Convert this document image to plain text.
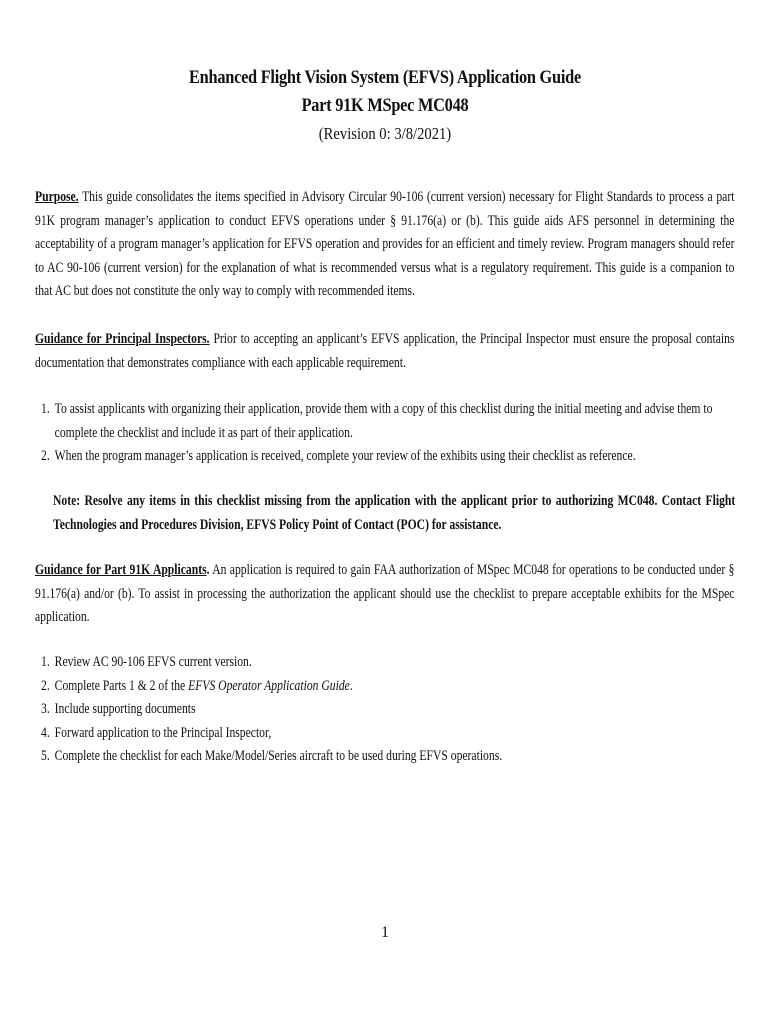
Enhanced Flight Vision System (EFVS) Application Guide
Part 91K MSpec MC048
(Revision 0: 3/8/2021)
Purpose. This guide consolidates the items specified in Advisory Circular 90-106 (current version) necessary for Flight Standards to process a part 91K program manager’s application to conduct EFVS operations under § 91.176(a) or (b). This guide aids AFS personnel in determining the acceptability of a program manager’s application for EFVS operation and provides for an efficient and timely review. Program managers should refer to AC 90-106 (current version) for the explanation of what is recommended versus what is a regulatory requirement. This guide is a companion to that AC but does not constitute the only way to comply with recommended items.
Guidance for Principal Inspectors. Prior to accepting an applicant’s EFVS application, the Principal Inspector must ensure the proposal contains documentation that demonstrates compliance with each applicable requirement.
1. To assist applicants with organizing their application, provide them with a copy of this checklist during the initial meeting and advise them to complete the checklist and include it as part of their application.
2. When the program manager’s application is received, complete your review of the exhibits using their checklist as reference.
Note: Resolve any items in this checklist missing from the application with the applicant prior to authorizing MC048. Contact Flight Technologies and Procedures Division, EFVS Policy Point of Contact (POC) for assistance.
Guidance for Part 91K Applicants. An application is required to gain FAA authorization of MSpec MC048 for operations to be conducted under § 91.176(a) and/or (b). To assist in processing the authorization the applicant should use the checklist to prepare acceptable exhibits for the MSpec application.
1. Review AC 90-106 EFVS current version.
2. Complete Parts 1 & 2 of the EFVS Operator Application Guide.
3. Include supporting documents
4. Forward application to the Principal Inspector,
5. Complete the checklist for each Make/Model/Series aircraft to be used during EFVS operations.
1
